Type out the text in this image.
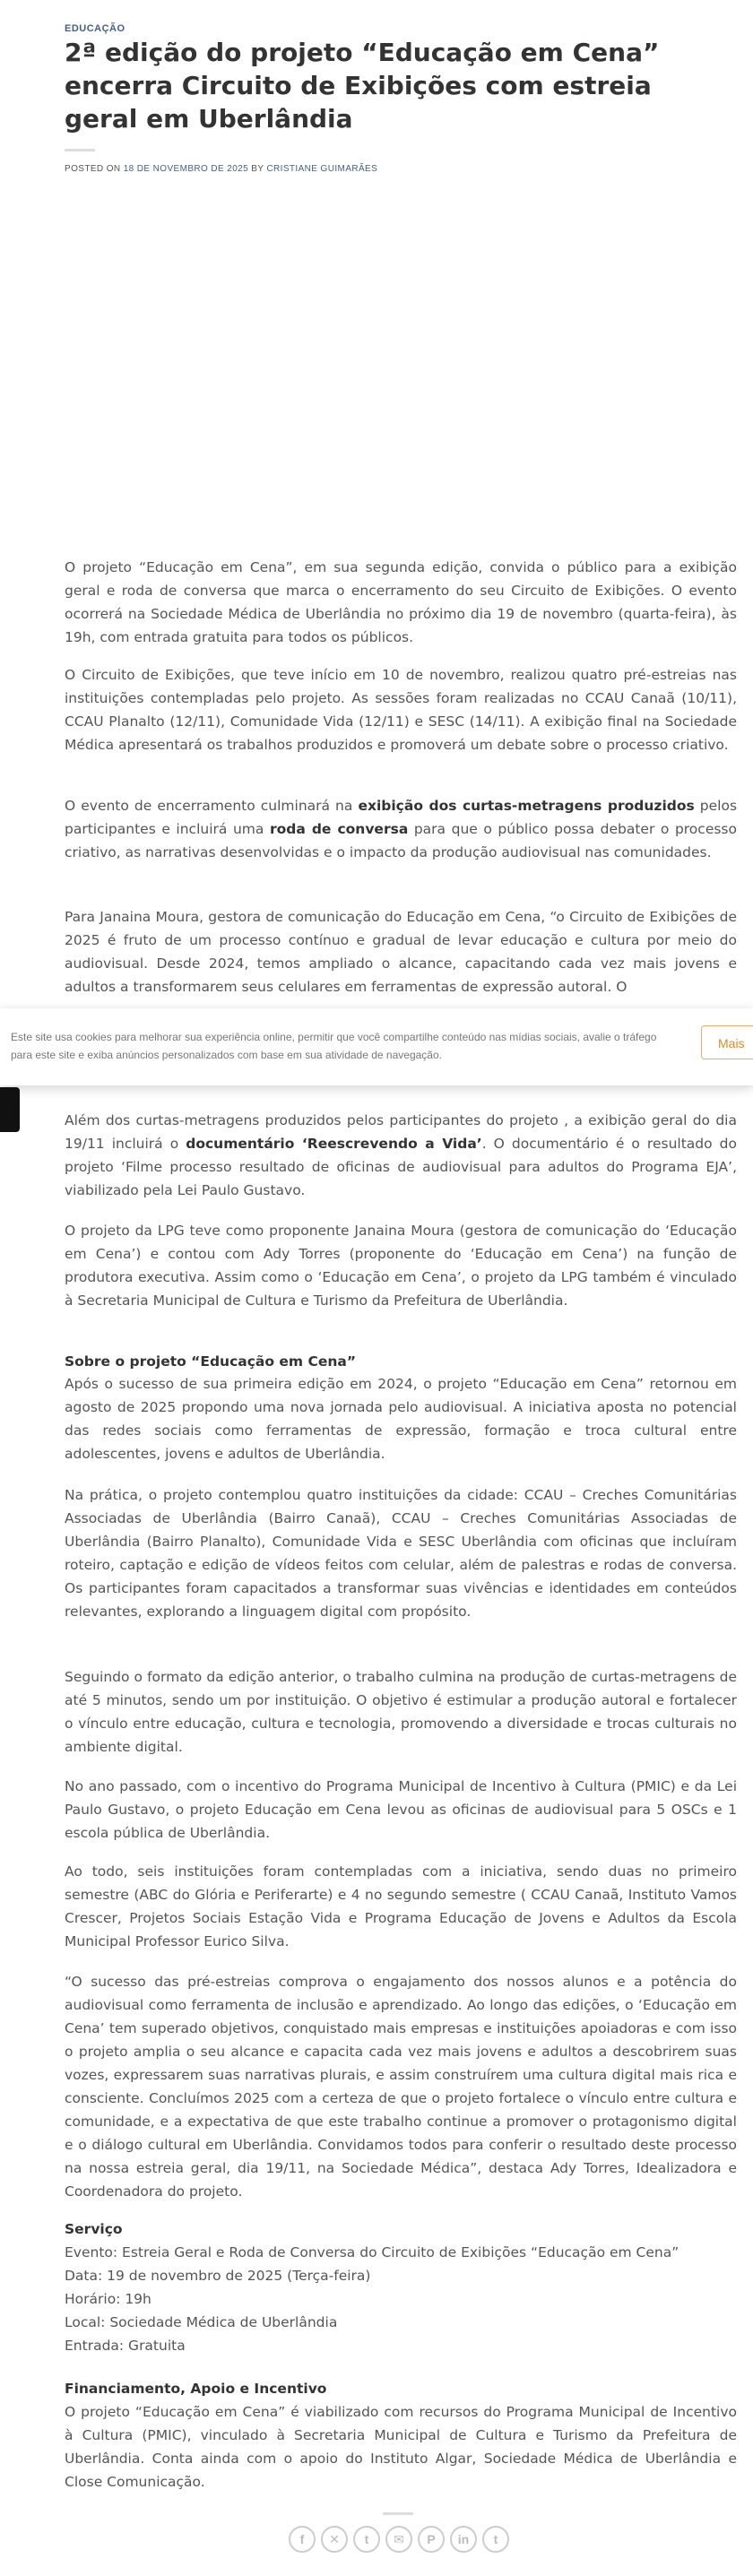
EDUCAÇÃO
2ª edição do projeto “Educação em Cena” encerra Circuito de Exibições com estreia geral em Uberlândia
POSTED ON 18 DE NOVEMBRO DE 2025 BY CRISTIANE GUIMARÃES

O projeto “Educação em Cena”, em sua segunda edição, convida o público para a exibição geral e roda de conversa que marca o encerramento do seu Circuito de Exibições. O evento ocorrerá na Sociedade Médica de Uberlândia no próximo dia 19 de novembro (quarta-feira), às 19h, com entrada gratuita para todos os públicos.

O Circuito de Exibições, que teve início em 10 de novembro, realizou quatro pré-estreias nas instituições contempladas pelo projeto. As sessões foram realizadas no CCAU Canaã (10/11), CCAU Planalto (12/11), Comunidade Vida (12/11) e SESC (14/11). A exibição final na Sociedade Médica apresentará os trabalhos produzidos e promoverá um debate sobre o processo criativo.

O evento de encerramento culminará na exibição dos curtas-metragens produzidos pelos participantes e incluirá uma roda de conversa para que o público possa debater o processo criativo, as narrativas desenvolvidas e o impacto da produção audiovisual nas comunidades.

Para Janaina Moura, gestora de comunicação do Educação em Cena, “o Circuito de Exibições de 2025 é fruto de um processo contínuo e gradual de levar educação e cultura por meio do audiovisual. Desde 2024, temos ampliado o alcance, capacitando cada vez mais jovens e adultos a transformarem seus celulares em ferramentas de expressão autoral. O

Além dos curtas-metragens produzidos pelos participantes do projeto , a exibição geral do dia 19/11 incluirá o documentário ‘Reescrevendo a Vida’. O documentário é o resultado do projeto ‘Filme processo resultado de oficinas de audiovisual para adultos do Programa EJA’, viabilizado pela Lei Paulo Gustavo.

O projeto da LPG teve como proponente Janaina Moura (gestora de comunicação do ‘Educação em Cena’) e contou com Ady Torres (proponente do ‘Educação em Cena’) na função de produtora executiva. Assim como o ‘Educação em Cena’, o projeto da LPG também é vinculado à Secretaria Municipal de Cultura e Turismo da Prefeitura de Uberlândia.

Sobre o projeto “Educação em Cena”

Após o sucesso de sua primeira edição em 2024, o projeto “Educação em Cena” retornou em agosto de 2025 propondo uma nova jornada pelo audiovisual. A iniciativa aposta no potencial das redes sociais como ferramentas de expressão, formação e troca cultural entre adolescentes, jovens e adultos de Uberlândia.

Na prática, o projeto contemplou quatro instituições da cidade: CCAU – Creches Comunitárias Associadas de Uberlândia (Bairro Canaã), CCAU – Creches Comunitárias Associadas de Uberlândia (Bairro Planalto), Comunidade Vida e SESC Uberlândia com oficinas que incluíram roteiro, captação e edição de vídeos feitos com celular, além de palestras e rodas de conversa. Os participantes foram capacitados a transformar suas vivências e identidades em conteúdos relevantes, explorando a linguagem digital com propósito.

Seguindo o formato da edição anterior, o trabalho culmina na produção de curtas-metragens de até 5 minutos, sendo um por instituição. O objetivo é estimular a produção autoral e fortalecer o vínculo entre educação, cultura e tecnologia, promovendo a diversidade e trocas culturais no ambiente digital.

No ano passado, com o incentivo do Programa Municipal de Incentivo à Cultura (PMIC) e da Lei Paulo Gustavo, o projeto Educação em Cena levou as oficinas de audiovisual para 5 OSCs e 1 escola pública de Uberlândia.

Ao todo, seis instituições foram contempladas com a iniciativa, sendo duas no primeiro semestre (ABC do Glória e Periferarte) e 4 no segundo semestre ( CCAU Canaã, Instituto Vamos Crescer, Projetos Sociais Estação Vida e Programa Educação de Jovens e Adultos da Escola Municipal Professor Eurico Silva.

“O sucesso das pré-estreias comprova o engajamento dos nossos alunos e a potência do audiovisual como ferramenta de inclusão e aprendizado. Ao longo das edições, o ‘Educação em Cena’ tem superado objetivos, conquistado mais empresas e instituições apoiadoras e com isso o projeto amplia o seu alcance e capacita cada vez mais jovens e adultos a descobrirem suas vozes, expressarem suas narrativas plurais, e assim construírem uma cultura digital mais rica e consciente. Concluímos 2025 com a certeza de que o projeto fortalece o vínculo entre cultura e comunidade, e a expectativa de que este trabalho continue a promover o protagonismo digital e o diálogo cultural em Uberlândia. Convidamos todos para conferir o resultado deste processo na nossa estreia geral, dia 19/11, na Sociedade Médica”, destaca Ady Torres, Idealizadora e Coordenadora do projeto.

Serviço

Evento: Estreia Geral e Roda de Conversa do Circuito de Exibições “Educação em Cena”

Data: 19 de novembro de 2025 (Terça-feira)

Horário: 19h

Local: Sociedade Médica de Uberlândia

Entrada: Gratuita

Financiamento, Apoio e Incentivo

O projeto “Educação em Cena” é viabilizado com recursos do Programa Municipal de Incentivo à Cultura (PMIC), vinculado à Secretaria Municipal de Cultura e Turismo da Prefeitura de Uberlândia. Conta ainda com o apoio do Instituto Algar, Sociedade Médica de Uberlândia e Close Comunicação.

Este site usa cookies para melhorar sua experiência online, permitir que você compartilhe conteúdo nas mídias sociais, avalie o tráfego para este site e exiba anúncios personalizados com base em sua atividade de navegação.
Mais
f	✕	t	✉	P	in	t
